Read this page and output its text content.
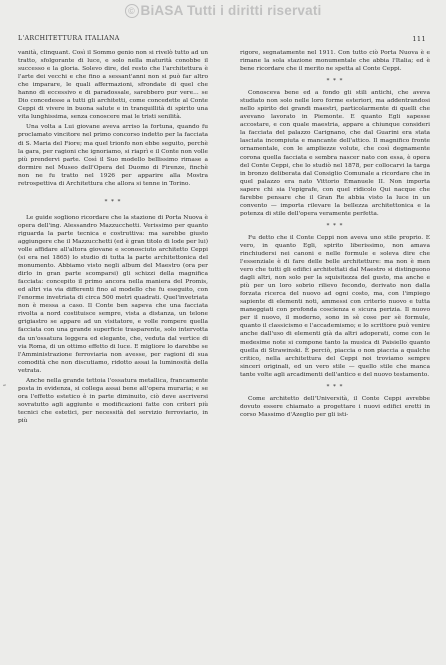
© BiASA Tutti i diritti riservati
L'ARCHITETTURA ITALIANA	111
„

vanità, clinquant. Così il Sommo genio non si rivelò tutto ad un tratto, sfolgorante di luce, e solo nella maturità conobbe il successo e la gloria. Solevo dire, del resto che l'architettura è l'arte dei vecchi e che fino a sessant'anni non si può far altro che imparare, le quali affermazioni, sfrondate di quel che hanno di eccessivo e di paradossale, sarebbero pur vere... se Dio concedesse a tutti gli architetti, come concedette al Conte Ceppi di vivere in buona salute e in tranquillità di spirito una vita lunghissima, senza conoscere mai le tristi senilità.

Una volta a Lui giovane aveva arriso la fortuna, quando fu proclamato vincitore nel primo concorso indetto per la facciata di S. Maria del Fiore; ma quel trionfo non ebbe seguito, perchè la gara, per ragioni che ignoriamo, si riaprì e il Conte non volle più prendervi parte. Così il Suo modello bellissimo rimase a dormire nel Museo dell'Opera del Duomo di Firenze, finchè non ne fu tratto nel 1926 per apparire alla Mostra retrospettiva di Architettura che allora si tenne in Torino.

* * *

Le guide sogliono ricordare che la stazione di Porta Nuova è opera dell'ing. Alessandro Mazzucchetti. Verissimo per quanto riguarda la parte tecnica e costruttiva: ma sarebbe giusto aggiungere che il Mazzucchetti (ed è gran titolo di lode per lui) volle affidare all'altora giovane e sconosciuto architetto Ceppi (si era nel 1865) lo studio di tutta la parte architettonica del monumento. Abbiamo visto negli album del Maestro (ora per dirlo in gran parte scomparsi) gli schizzi della magnifica facciata: concepito il primo ancora nella maniera del Promis, ed altri via via differenti fino al modello che fu eseguito, con l'enorme invetriata di circa 500 metri quadrati. Quel'invetriata non è messa a caso. Il Conte ben sapeva che una facciata rivolta a nord costituisce sempre, vista a distanza, un telone grigiastro se appare ad un visitatore, e volle rompere quella facciata con una grande superficie trasparente, solo intervotta da un'ossatura leggera ed elegante, che, veduta dal vertice di via Roma, di un ottimo effetto di luce. E migliore lo darebbe se l'Amministrazione ferroviaria non avesse, per ragioni di sua comodità che non discutiamo, ridotto assai la luminosità della vetrata.

Anche nella grande tettoia l'ossatura metallica, francamente posta in evidenza, si collega assai bene all'opera muraria; e se ora l'effetto estetico è in parte diminuito, ciò deve ascriversi sovratutto agli aggiunte e modificazioni fatte con criteri più tecnici che estetici, per necessità del servizio ferroviario, in più

rigore, segnatamente nel 1911. Con tutto ciò Porta Nuova è e rimane la sola stazione monumentale che abbia l'Italia; ed è bene ricordare che il merito ne spetta al Conte Ceppi.

* * *

Conosceva bene ed a fondo gli stili antichi, che aveva studiato non solo nelle loro forme esteriori, ma addentrandosi nello spirito dei grandi maestri, particolarmente di quelli che avevano lavorato in Piemonte. E quanto Egli sapesse accostare, e con quale maestria, appare a chiunque consideri la facciata del palazzo Carignano, che dal Guarini era stata lasciata incompiuta e mancante dell'attico. Il magnifico fronte ornamentale, con le ampliezze volute, che così degnamente corona quella facciata e sembra nascer nato con essa, è opera del Conte Ceppi, che lo studiò nel 1878, per collocarvi la targa in bronzo deliberata dal Consiglio Comunale a ricordare che in quel palazzo era nato Vittorio Emanuele II. Non importa sapere chi sia l'epigrafe, con quel ridicolo Qui nacque che farebbe pensare che il Gran Re abbia visto la luce in un convento — importa rilevare la bellezza architettonica e la potenza di stile dell'opera veramente perfetta.

* * *

Fu detto che il Conte Ceppi non aveva uno stile proprio. E vero, in quanto Egli, spirito liberissimo, non amava rinchiudersi nei canoni e nelle formule e soleva dire che l'essenziale è di fare delle belle architetture: ma non è men vero che tutti gli edifici architettati dal Maestro si distinguono dagli altri, non solo per la squisitezza del gusto, ma anche e più per un loro sobrio rilievo fecondo, derivato non dalla forzata ricerca del nuovo ad ogni costo, ma, con l'impiego sapiente di elementi noti, ammessi con criterio nuovo e tutta maneggiati con profonda coscienza e sicura perizia. Il nuovo per il nuovo, il moderno, sono in sè cose per sè formule, quanto il classicismo e l'accademismo; e lo scrittore può venire anche dall'uso di elementi già da altri adoperati, come con le medesime note si compone tanto la musica di Paisiello quanto quella di Strawinski. È perciò, piaccia o non piaccia a qualche critico, nella architettura del Ceppi noi troviamo sempre sinceri originali, ed un vero stile — quello stile che manca tante volte agli arcadimenti dell'antico e del nuovo testamento.

* * *

Come architetto dell'Università, il Conte Ceppi avrebbe dovuto essere chiamato a progettare i nuovi edifici eretti in corso Massimo d'Azeglio per gli isti-
